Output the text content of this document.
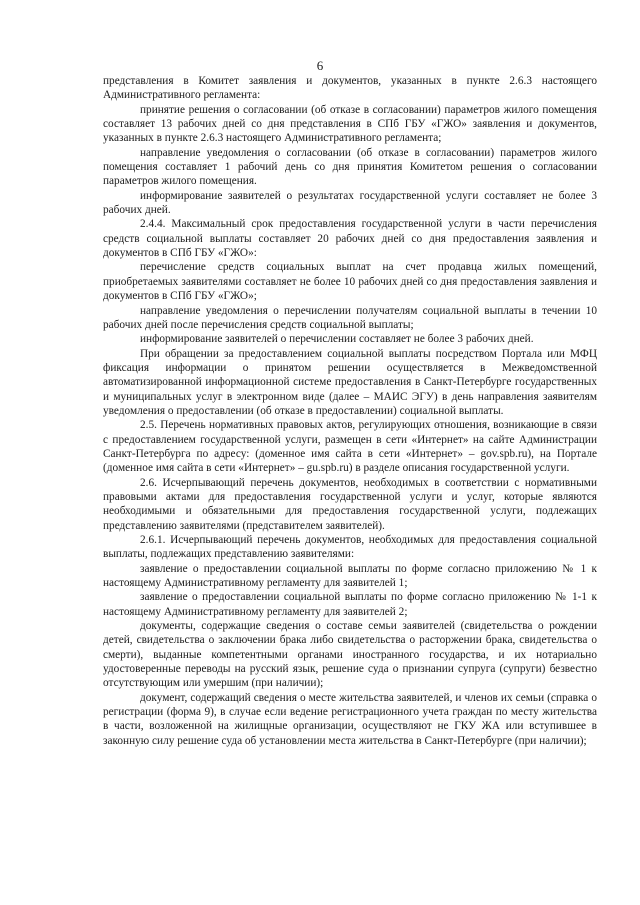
6

представления в Комитет заявления и документов, указанных в пункте 2.6.3 настоящего Административного регламента:

принятие решения о согласовании (об отказе в согласовании) параметров жилого помещения составляет 13 рабочих дней со дня представления в СПб ГБУ «ГЖО» заявления и документов, указанных в пункте 2.6.3 настоящего Административного регламента;

направление уведомления о согласовании (об отказе в согласовании) параметров жилого помещения составляет 1 рабочий день со дня принятия Комитетом решения о согласовании параметров жилого помещения.

информирование заявителей о результатах государственной услуги составляет не более 3 рабочих дней.

2.4.4. Максимальный срок предоставления государственной услуги в части перечисления средств социальной выплаты составляет 20 рабочих дней со дня предоставления заявления и документов в СПб ГБУ «ГЖО»:

перечисление средств социальных выплат на счет продавца жилых помещений, приобретаемых заявителями составляет не более 10 рабочих дней со дня предоставления заявления и документов в СПб ГБУ «ГЖО»;

направление уведомления о перечислении получателям социальной выплаты в течении 10 рабочих дней после перечисления средств социальной выплаты;

информирование заявителей о перечислении составляет не более 3 рабочих дней.

При обращении за предоставлением социальной выплаты посредством Портала или МФЦ фиксация информации о принятом решении осуществляется в Межведомственной автоматизированной информационной системе предоставления в Санкт-Петербурге государственных и муниципальных услуг в электронном виде (далее – МАИС ЭГУ) в день направления заявителям уведомления о предоставлении (об отказе в предоставлении) социальной выплаты.

2.5. Перечень нормативных правовых актов, регулирующих отношения, возникающие в связи с предоставлением государственной услуги, размещен в сети «Интернет» на сайте Администрации Санкт-Петербурга по адресу: (доменное имя сайта в сети «Интернет» – gov.spb.ru), на Портале (доменное имя сайта в сети «Интернет» – gu.spb.ru) в разделе описания государственной услуги.

2.6. Исчерпывающий перечень документов, необходимых в соответствии с нормативными правовыми актами для предоставления государственной услуги и услуг, которые являются необходимыми и обязательными для предоставления государственной услуги, подлежащих представлению заявителями (представителем заявителей).

2.6.1. Исчерпывающий перечень документов, необходимых для предоставления социальной выплаты, подлежащих представлению заявителями:

заявление о предоставлении социальной выплаты по форме согласно приложению № 1 к настоящему Административному регламенту для заявителей 1;

заявление о предоставлении социальной выплаты по форме согласно приложению № 1-1 к настоящему Административному регламенту для заявителей 2;

документы, содержащие сведения о составе семьи заявителей (свидетельства о рождении детей, свидетельства о заключении брака либо свидетельства о расторжении брака, свидетельства о смерти), выданные компетентными органами иностранного государства, и их нотариально удостоверенные переводы на русский язык, решение суда о признании супруга (супруги) безвестно отсутствующим или умершим (при наличии);

документ, содержащий сведения о месте жительства заявителей, и членов их семьи (справка о регистрации (форма 9), в случае если ведение регистрационного учета граждан по месту жительства в части, возложенной на жилищные организации, осуществляют не ГКУ ЖА или вступившее в законную силу решение суда об установлении места жительства в Санкт-Петербурге (при наличии);
